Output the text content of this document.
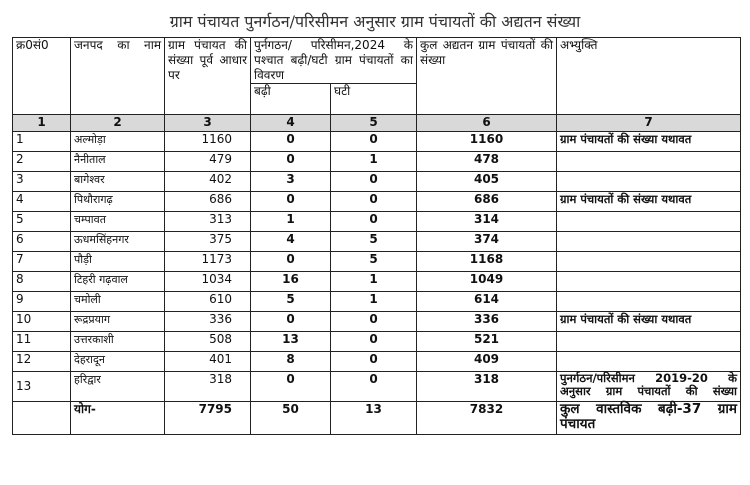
ग्राम पंचायत पुनर्गठन/परिसीमन अनुसार ग्राम पंचायतों की अद्यतन संख्या
क्र0सं0	जनपद का नाम	ग्राम पंचायत की संख्या पूर्व आधार पर	पुर्नगठन/ परिसीमन,2024 के पश्चात बढ़ी/घटी ग्राम पंचायतों का विवरण		कुल अद्यतन ग्राम पंचायतों की संख्या	अभ्युक्ति
			बढ़ी	घटी		
1	2	3	4	5	6	7
1	अल्मोड़ा	1160	0	0	1160	ग्राम पंचायतों की संख्या यथावत
2	नैनीताल	479	0	1	478	
3	बागेश्वर	402	3	0	405	
4	पिथौरागढ़	686	0	0	686	ग्राम पंचायतों की संख्या यथावत
5	चम्पावत	313	1	0	314	
6	ऊधमसिंहनगर	375	4	5	374	
7	पौड़ी	1173	0	5	1168	
8	टिहरी गढ़वाल	1034	16	1	1049	
9	चमोली	610	5	1	614	
10	रूद्रप्रयाग	336	0	0	336	ग्राम पंचायतों की संख्या यथावत
11	उत्तरकाशी	508	13	0	521	
12	देहरादून	401	8	0	409	
13	हरिद्वार	318	0	0	318	पुनर्गठन/परिसीमन 2019-20 के अनुसार ग्राम पंचायतों की संख्या
	योग-	7795	50	13	7832	कुल वास्तविक बढ़ी-37 ग्राम पंचायत
